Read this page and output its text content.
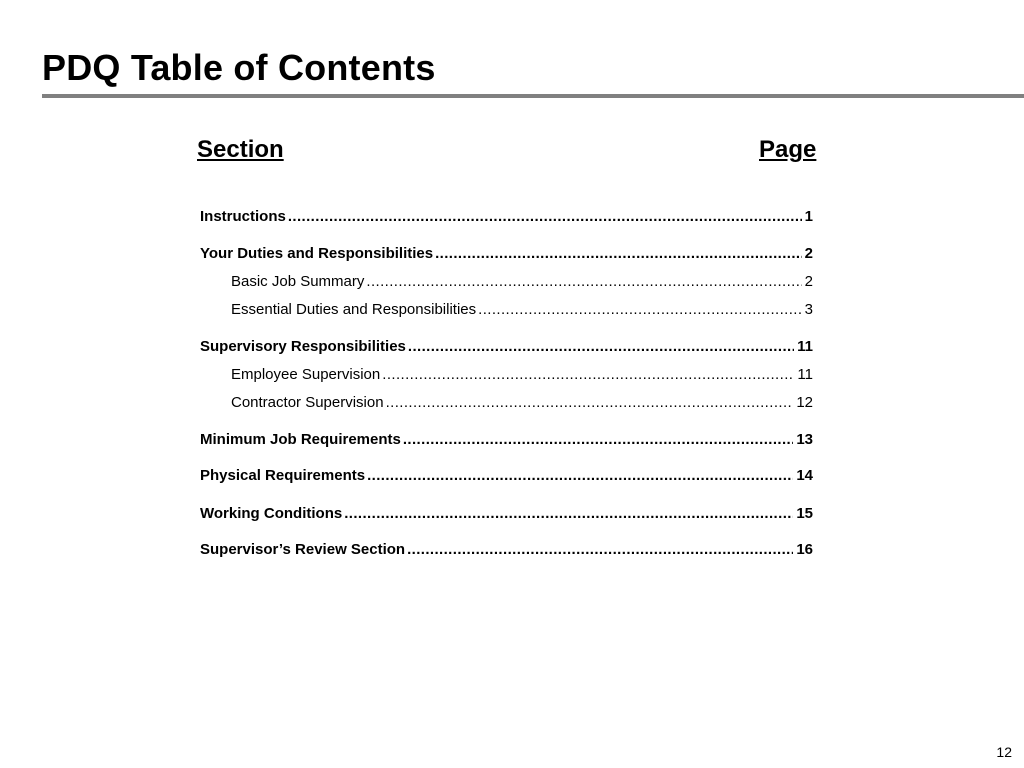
PDQ Table of Contents
Section	Page
Instructions .....	1
Your Duties and Responsibilities .....	2
Basic Job Summary .....	2
Essential Duties and Responsibilities .....	3
Supervisory Responsibilities .....	11
Employee Supervision .....	11
Contractor Supervision .....	12
Minimum Job Requirements .....	13
Physical Requirements .....	14
Working Conditions .....	15
Supervisor’s Review Section .....	16
12
